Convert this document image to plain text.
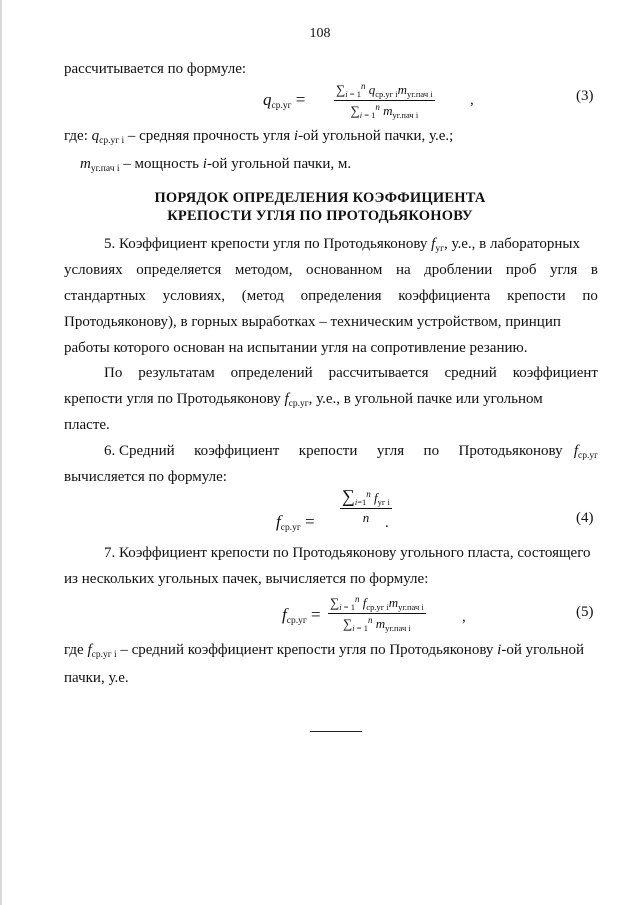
108
рассчитывается по формуле:
$q_{ср.уг}$ =
$\sum_{i = 1}^n$ $q_{ср.уг i}m_{уг.пач i}$
$\sum_{i = 1}^n$ $m_{уг.пач i}$
,	(3)
где: $q_{ср.уг i}$ – средняя прочность угля i-ой угольной пачки, у.е.;
$m_{уг.пач i}$ – мощность i-ой угольной пачки, м.
ПОРЯДОК ОПРЕДЕЛЕНИЯ КОЭФФИЦИЕНТА
КРЕПОСТИ УГЛЯ ПО ПРОТОДЬЯКОНОВУ
5. Коэффициент крепости угля по Протодьяконову $f_{уг}$, у.е., в лабораторных
условиях определяется методом, основанном на дроблении проб угля в
стандартных условиях, (метод определения коэффициента крепости по
Протодьяконову), в горных выработках – техническим устройством, принцип
работы которого основан на испытании угля на сопротивление резанию.
По результатам определений рассчитывается средний коэффициент
крепости угля по Протодьяконову $f_{ср.уг}$, у.е., в угольной пачке или угольном
пласте.
6. Средний коэффициент крепости угля по Протодьяконову $f_{ср.уг}$
вычисляется по формуле:
$f_{ср.уг}$ =
$\sum_{i=1}^n$ $f_{уг i}$
n	.	(4)
7. Коэффициент крепости по Протодьяконову угольного пласта, состоящего
из нескольких угольных пачек, вычисляется по формуле:
$f_{ср.уг}$ =
$\sum_{i = 1}^n$ $f_{ср.уг i}m_{уг.пач i}$
$\sum_{i = 1}^n$ $m_{уг.пач i}$
,	(5)
где $f_{ср.уг i}$ – средний коэффициент крепости угля по Протодьяконову i-ой угольной
пачки, у.е.
